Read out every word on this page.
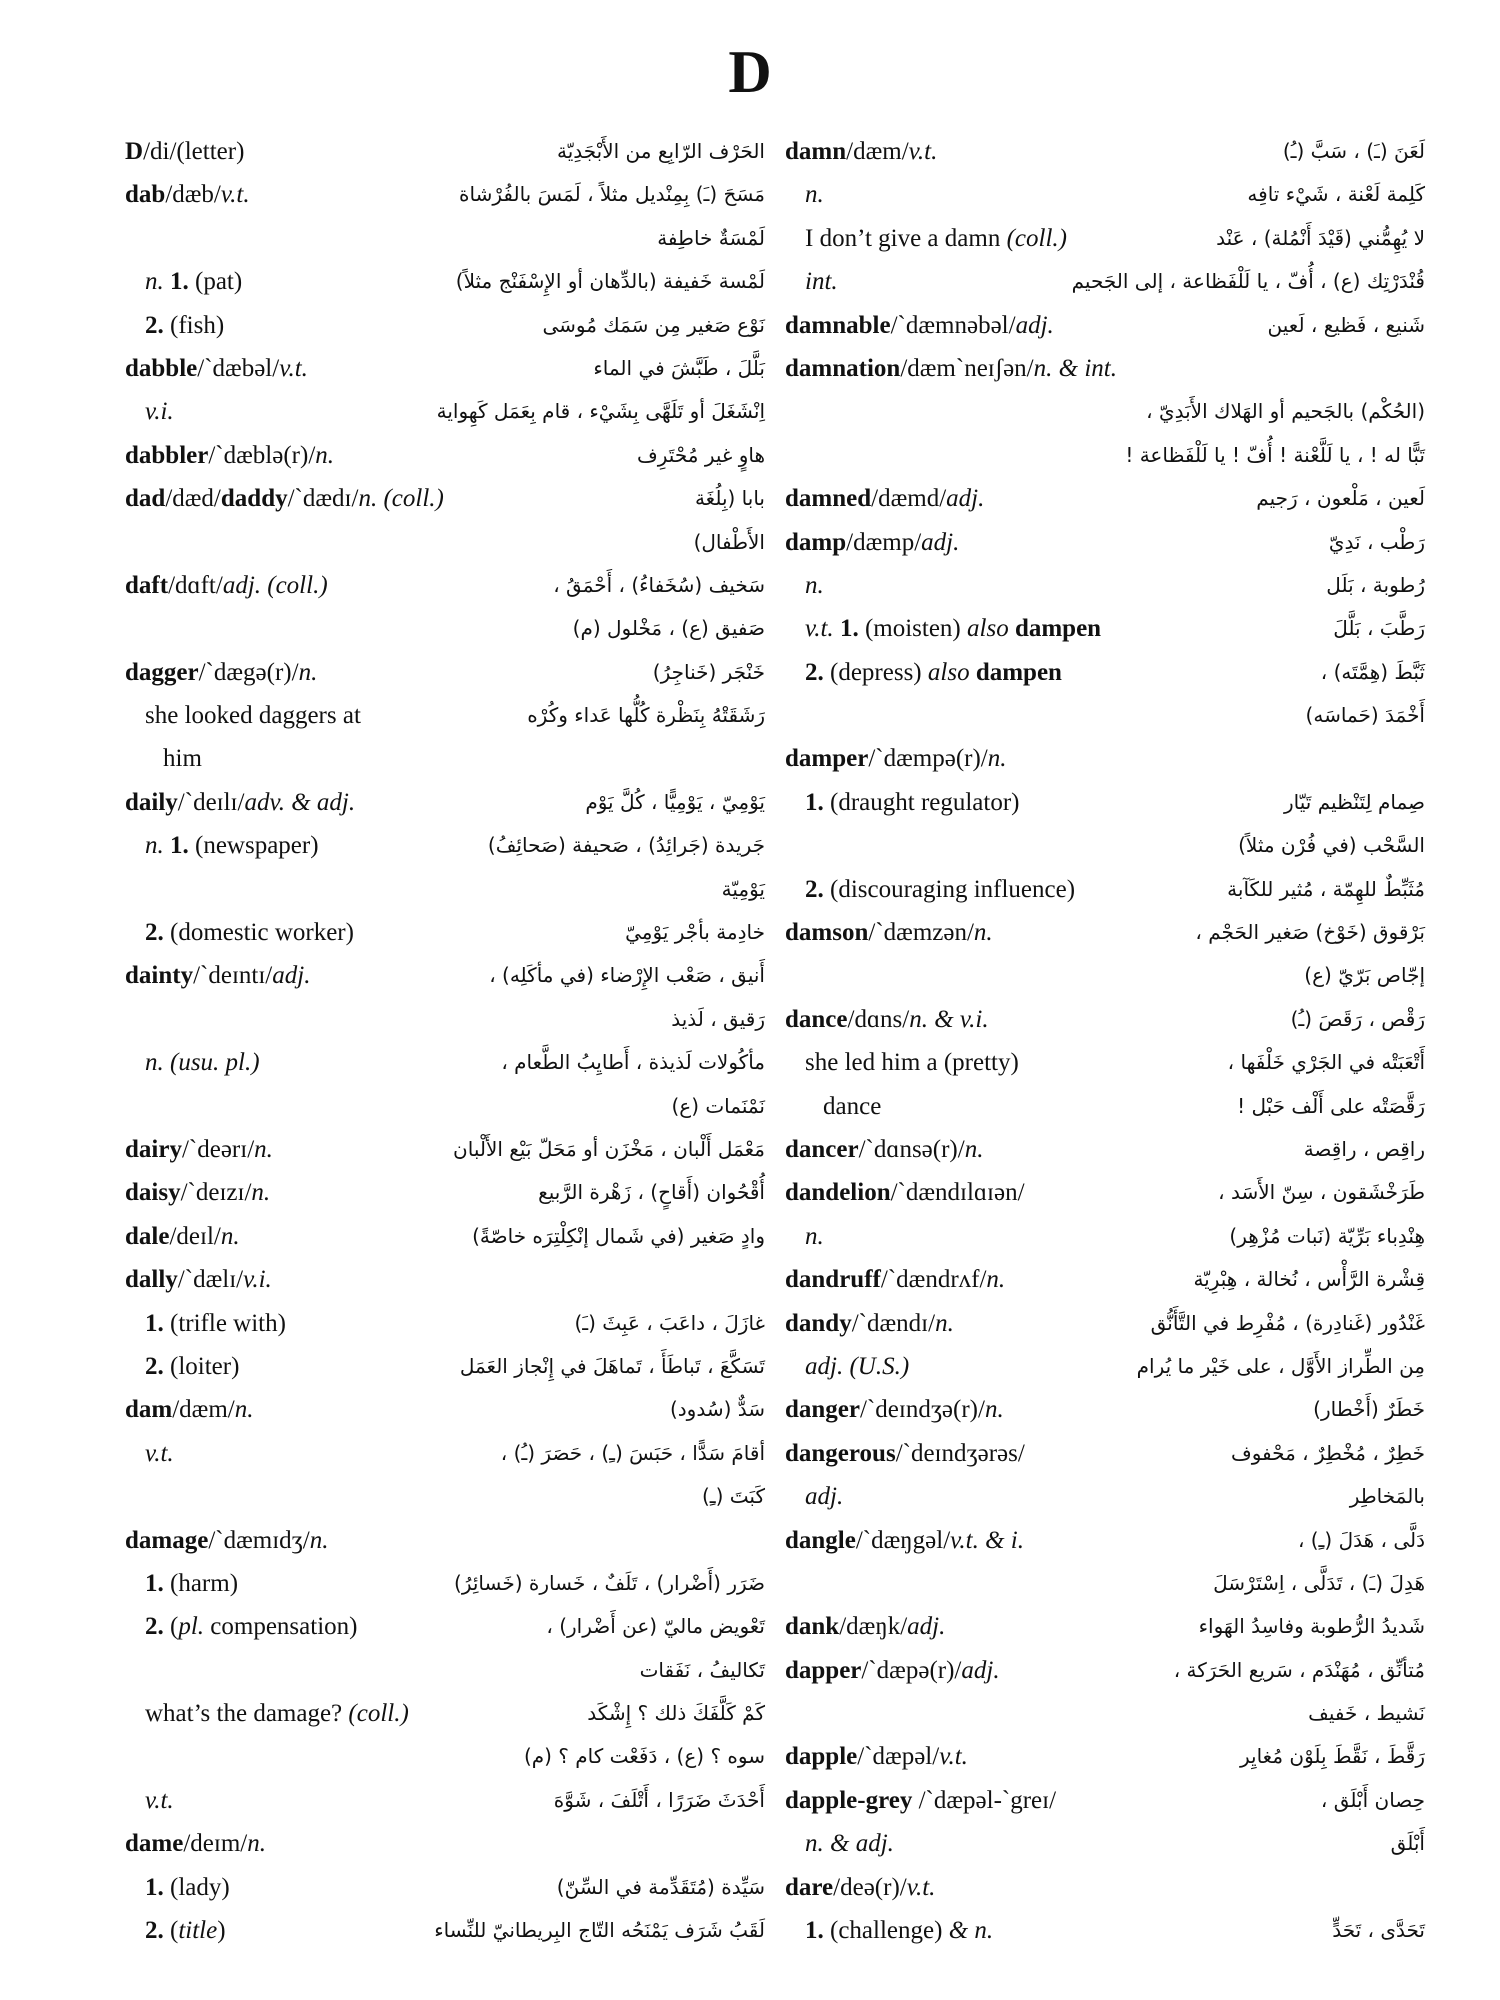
D
D/di/(letter)	الحَرْف الرّابِع من الأَبْجَدِيّة
dab/dæb/v.t.	مَسَحَ (ـَ) بِمِنْديل مثلاً ، لَمَسَ بالفُرْشاة
لَمْسَةٌ خاطِفة
n. 1. (pat)	لَمْسة خَفيفة (بالدِّهان أو الإِسْفَنْج مثلاً)
2. (fish)	نَوْع صَغير مِن سَمَك مُوسَى
dabble/ˋdæbəl/v.t.	بَلَّلَ ، طَبَّشَ في الماء
v.i.	اِنْشَغَلَ أو تَلَهَّى بِشَيْء ، قام بِعَمَل كَهِواية
dabbler/ˋdæblə(r)/n.	هاوٍ غير مُحْتَرِف
dad/dæd/daddy/ˋdædɪ/n. (coll.)	بابا (بِلُغَة
الأَطْفال)
daft/dɑft/adj. (coll.)	سَخيف (سُخَفاءُ) ، أَحْمَقُ ،
صَفيق (ع) ، مَخْلول (م)
dagger/ˋdægə(r)/n.	خَنْجَر (خَناجِرُ)
she looked daggers at	رَشَقَتْهُ بِنَظْرة كُلُّها عَداء وكُرْه
him
daily/ˋdeɪlɪ/adv. & adj.	يَوْمِيّ ، يَوْمِيًّا ، كُلَّ يَوْم
n. 1. (newspaper)	جَريدة (جَرائِدُ) ، صَحيفة (صَحائِفُ)
يَوْمِيّة
2. (domestic worker)	خادِمة بأجْر يَوْمِيّ
dainty/ˋdeɪntɪ/adj.	أَنيق ، صَعْب الإِرْضاء (في مأكَلِه) ،
رَقيق ، لَذيذ
n. (usu. pl.)	مأكُولات لَذيذة ، أَطايِبُ الطَّعام ،
نَمْنَمات (ع)
dairy/ˋdeərɪ/n.	مَعْمَل أَلْبان ، مَخْزَن أو مَحَلّ بَيْع الأَلْبان
daisy/ˋdeɪzɪ/n.	أُقْحُوان (أَقاحٍ) ، زَهْرة الرَّبيع
dale/deɪl/n.	وادٍ صَغير (في شَمال إنْكِلْتِرَه خاصّةً)
dally/ˋdælɪ/v.i.
1. (trifle with)	غازَلَ ، داعَبَ ، عَبِثَ (ـَ)
2. (loiter)	تَسَكَّعَ ، تَباطَأَ ، تَماهَلَ في إِنْجاز العَمَل
dam/dæm/n.	سَدٌّ (سُدود)
v.t.	أقامَ سَدًّا ، حَبَسَ (ـِ) ، حَصَرَ (ـُ) ،
كَبَتَ (ـِ)
damage/ˋdæmɪdʒ/n.
1. (harm)	ضَرَر (أَضْرار) ، تَلَفٌ ، خَسارة (خَسائِرُ)
2. (pl. compensation)	تَعْويض ماليّ (عن أَضْرار) ،
تَكاليفُ ، نَفَقات
what’s the damage? (coll.)	كَمْ كَلَّفَكَ ذلك ؟ إِشْكَد
سوه ؟ (ع) ، دَفَعْت كام ؟ (م)
v.t.	أَحْدَثَ ضَرَرًا ، أَتْلَفَ ، شَوَّهَ
dame/deɪm/n.
1. (lady)	سَيِّدة (مُتَقَدِّمة في السِّنّ)
2. (title)	لَقَبُ شَرَف يَمْنَحُه التّاج البِريطانيّ للنِّساء
damn/dæm/v.t.	لَعَنَ (ـَ) ، سَبَّ (ـُ)
n.	كَلِمة لَعْنة ، شَيْء تافِه
I don’t give a damn (coll.)	لا يُهِمُّني (قَيْدَ أَنْمُلة) ، عَنْد
int.	قُنْدَرْتِك (ع) ، أُفّ ، يا لَلْفَظاعة ، إلى الجَحيم
damnable/ˋdæmnəbəl/adj.	شَنيع ، فَظيع ، لَعين
damnation/dæmˋneɪʃən/n. & int.
(الحُكْم) بالجَحيم أو الهَلاك الأَبَدِيّ ،
تَبًّا له ! ، يا لَلَّعْنة ! أُفّ ! يا لَلْفَظاعة !
damned/dæmd/adj.	لَعين ، مَلْعون ، رَجيم
damp/dæmp/adj.	رَطْب ، نَدِيّ
n.	رُطوبة ، بَلَل
v.t. 1. (moisten) also dampen	رَطَّبَ ، بَلَّلَ
2. (depress) also dampen	ثَبَّطَ (هِمَّتَه) ،
أَخْمَدَ (حَماسَه)
damper/ˋdæmpə(r)/n.
1. (draught regulator)	صِمام لِتَنْظيم تَيّار
السَّحْب (في فُرْن مثلاً)
2. (discouraging influence)	مُثَبِّطٌ للهِمّة ، مُثير للكَآبة
damson/ˋdæmzən/n.	بَرْقوق (خَوْخ) صَغير الحَجْم ،
إجّاص بَرّيّ (ع)
dance/dɑns/n. & v.i.	رَقْص ، رَقَصَ (ـُ)
she led him a (pretty)	أَتْعَبَتْه في الجَرْي خَلْفَها ،
dance	رَقَّصَتْه على أَلْف حَبْل !
dancer/ˋdɑnsə(r)/n.	راقِص ، راقِصة
dandelion/ˋdændɪlɑɪən/	طَرَخْشَقون ، سِنّ الأَسَد ،
n.	هِنْدِباء بَرِّيّة (نَبات مُزْهِر)
dandruff/ˋdændrʌf/n.	قِشْرة الرَّأْس ، نُخالة ، هِبْرِيّة
dandy/ˋdændɪ/n.	غَنْدُور (غَنادِرة) ، مُفْرِط في التَّأَنُّق
adj. (U.S.)	مِن الطِّراز الأَوَّل ، على خَيْر ما يُرام
danger/ˋdeɪndʒə(r)/n.	خَطَرٌ (أَخْطار)
dangerous/ˋdeɪndʒərəs/	خَطِرٌ ، مُخْطِرٌ ، مَحْفوف
adj.	بالمَخاطِر
dangle/ˋdæŋgəl/v.t. & i.	دَلَّى ، هَدَلَ (ـِ) ،
هَدِلَ (ـَ) ، تَدَلَّى ، اِسْتَرْسَلَ
dank/dæŋk/adj.	شَديدُ الرُّطوبة وفاسِدُ الهَواء
dapper/ˋdæpə(r)/adj.	مُتأنِّق ، مُهَنْدَم ، سَريع الحَرَكة ،
نَشيط ، خَفيف
dapple/ˋdæpəl/v.t.	رَقَّطَ ، نَقَّطَ بِلَوْن مُغايِر
dapple-grey /ˋdæpəl-ˋgreɪ/	حِصان أَبْلَق ،
n. & adj.	أَبْلَق
dare/deə(r)/v.t.
1. (challenge) & n.	تَحَدَّى ، تَحَدٍّ
